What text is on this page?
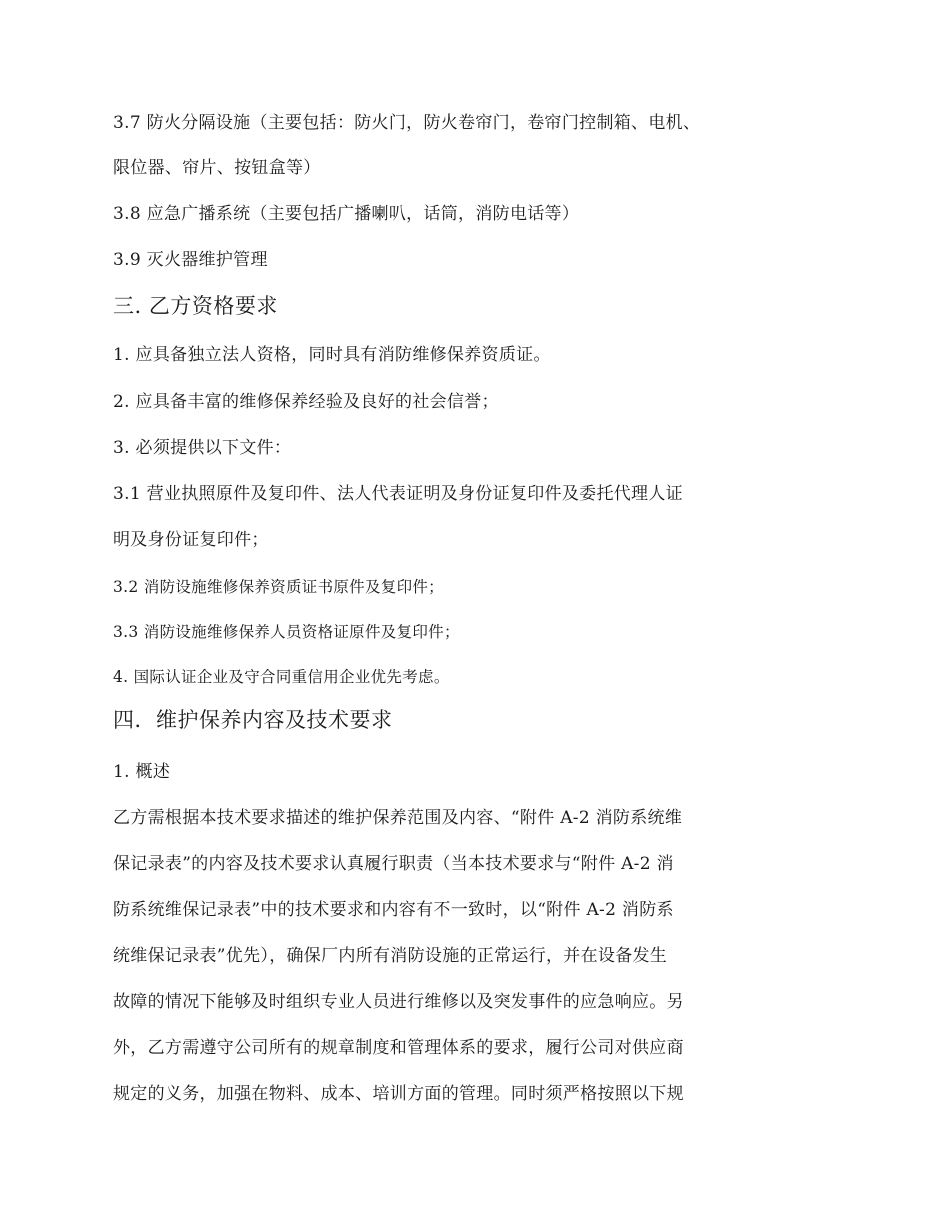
3.7 防火分隔设施（主要包括：防火门，防火卷帘门，卷帘门控制箱、电机、
限位器、帘片、按钮盒等）
3.8 应急广播系统（主要包括广播喇叭，话筒，消防电话等）
3.9 灭火器维护管理
三. 乙方资格要求
1. 应具备独立法人资格，同时具有消防维修保养资质证。
2. 应具备丰富的维修保养经验及良好的社会信誉；
3. 必须提供以下文件：
3.1 营业执照原件及复印件、法人代表证明及身份证复印件及委托代理人证
明及身份证复印件；
3.2 消防设施维修保养资质证书原件及复印件；
3.3 消防设施维修保养人员资格证原件及复印件；
4. 国际认证企业及守合同重信用企业优先考虑。
四．维护保养内容及技术要求
1. 概述
乙方需根据本技术要求描述的维护保养范围及内容、“附件 A-2 消防系统维
保记录表”的内容及技术要求认真履行职责（当本技术要求与“附件 A-2 消
防系统维保记录表”中的技术要求和内容有不一致时，以“附件 A-2 消防系
统维保记录表”优先），确保厂内所有消防设施的正常运行，并在设备发生
故障的情况下能够及时组织专业人员进行维修以及突发事件的应急响应。另
外，乙方需遵守公司所有的规章制度和管理体系的要求，履行公司对供应商
规定的义务，加强在物料、成本、培训方面的管理。同时须严格按照以下规
